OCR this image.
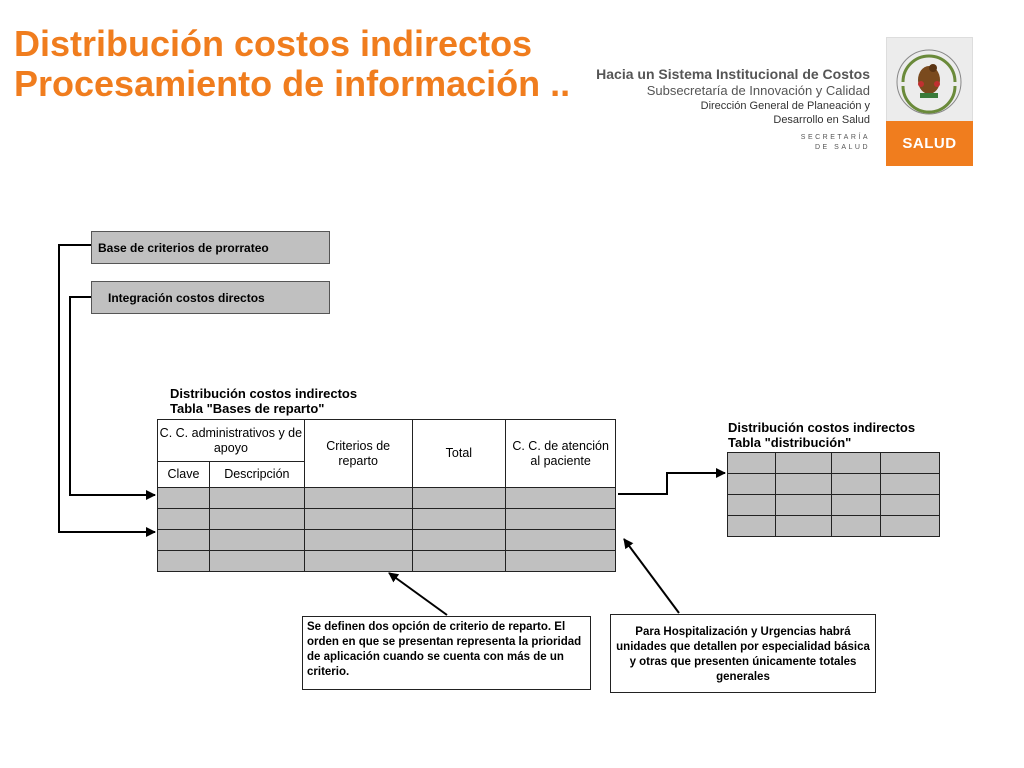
Distribución costos indirectos
Procesamiento de información .. Hacia un Sistema Institucional de Costos
Subsecretaría de Innovación y Calidad
Dirección General de Planeación y
Desarrollo en Salud
SECRETARÍA
DE SALUD	SALUD
Base de criterios de prorrateo
Integración costos directos
Distribución costos indirectos
Tabla "Bases de reparto"
C. C. administrativos y de apoyo		Criterios de reparto	Total	C. C. de atención al paciente
Clave	Descripción			

Distribución costos indirectos
Tabla "distribución"

Se definen dos opción de criterio de reparto. El orden en que se presentan representa la prioridad de aplicación cuando se cuenta con más de un criterio.
Para Hospitalización y Urgencias habrá unidades que detallen por especialidad básica y otras que presenten únicamente totales generales
